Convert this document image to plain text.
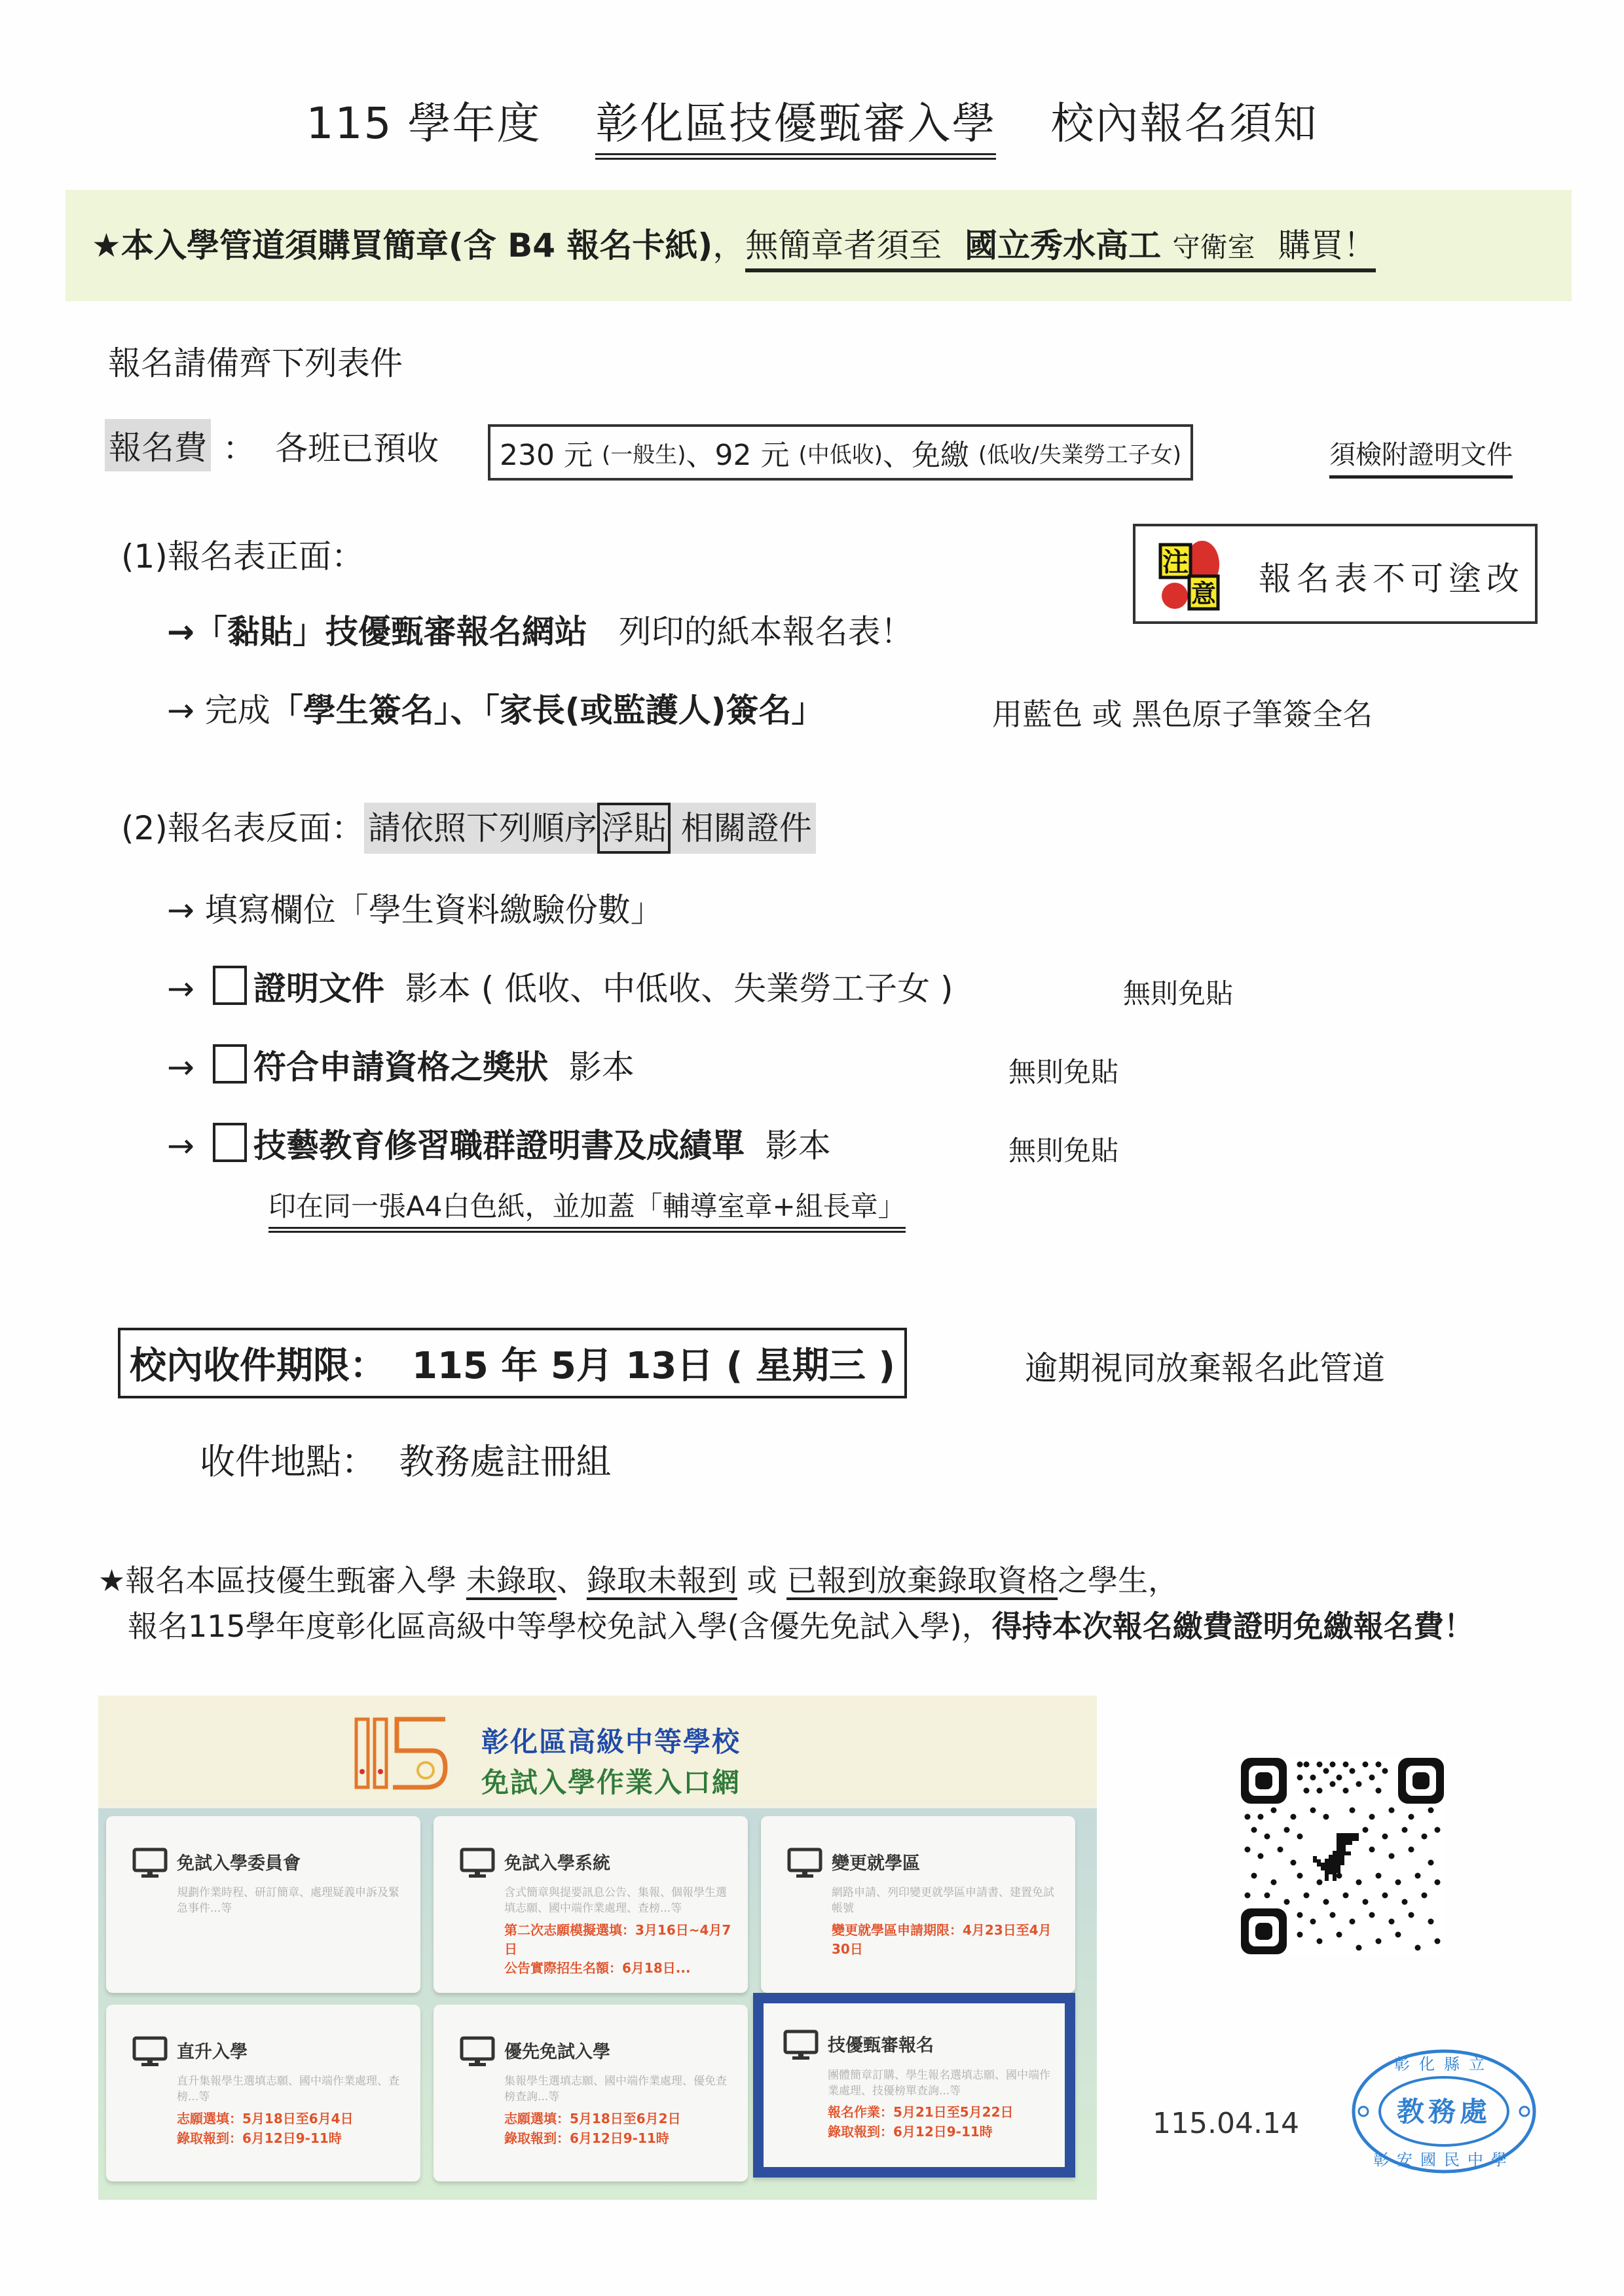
115 學年度 彰化區技優甄審入學 校內報名須知
★本入學管道須購買簡章(含 B4 報名卡紙)，無簡章者須至 國立秀水高工 守衛室 購買！
報名請備齊下列表件
報名費 ： 各班已預收 230 元
(一般生) 、 92 元
(中低收) 、 免繳
(低收/失業勞工子女)	須檢附證明文件
(1)報名表正面：
→「黏貼」技優甄審報名網站 列印的紙本報名表！
→ 完成「學生簽名」、「家長(或監護人)簽名」	用藍色 或 黑色原子筆簽全名
注
意 報名表不可塗改
(2)報名表反面： 請依照下列順序 浮貼 相關證件
→ 填寫欄位「學生資料繳驗份數」
→ 證明文件 影本 ( 低收、中低收、失業勞工子女 )	無則免貼
→ 符合申請資格之獎狀 影本	無則免貼
→ 技藝教育修習職群證明書及成績單 影本	無則免貼
印在同一張A4白色紙，並加蓋「輔導室章+組長章」
校內收件期限：
115 年 5月 13日 ( 星期三 )	逾期視同放棄報名此管道
收件地點： 教務處註冊組
★報名本區技優生甄審入學 未錄取、錄取未報到 或 已報到放棄錄取資格之學生，
報名115學年度彰化區高級中等學校免試入學(含優先免試入學)，得持本次報名繳費證明免繳報名費！
彰化區高級中等學校
免試入學作業入口網
免試入學委員會
規劃作業時程、研訂簡章、處理疑義申訴及緊急事件...等
免試入學系統
含式簡章與提要訊息公告、集報、個報學生選填志願、國中端作業處理、查榜...等
第二次志願模擬選填：3月16日~4月7日
公告實際招生名額：6月18日...
變更就學區
網路申請、列印變更就學區申請書、建置免試帳號
變更就學區申請期限：4月23日至4月30日
直升入學
直升集報學生選填志願、國中端作業處理、查榜...等
志願選填：5月18日至6月4日
錄取報到：6月12日9-11時
優先免試入學
集報學生選填志願、國中端作業處理、優免查榜查詢...等
志願選填：5月18日至6月2日
錄取報到：6月12日9-11時
技優甄審報名
團體簡章訂購、學生報名選填志願、國中端作業處理、技優榜單查詢...等
報名作業：5月21日至5月22日
錄取報到：6月12日9-11時	115.04.14	教務處
彰化縣立
彰安國民中學
